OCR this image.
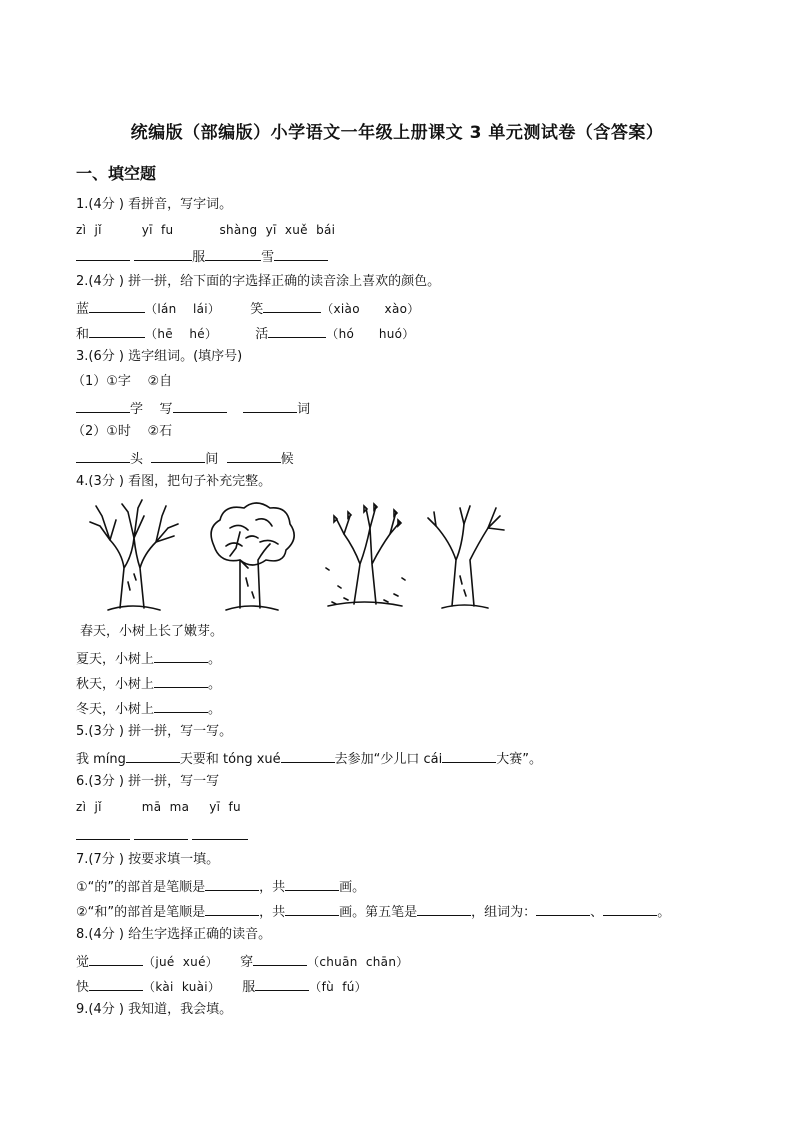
统编版（部编版）小学语文一年级上册课文 3 单元测试卷（含答案）
一、填空题
1.(4分 ) 看拼音，写字词。
zì  jǐ	yī  fu	shàng  yī  xuě  bái
服	雪
2.(4分 ) 拼一拼，给下面的字选择正确的读音涂上喜欢的颜色。
蓝	（lán    lái） 笑	（xiào      xào）
和	（hē    hé）	活	（hó      huó）
3.(6分 ) 选字组词。(填序号)
（1）①字    ②自
学 写	词
（2）①时    ②石
头	间	候
4.(3分 ) 看图，把句子补充完整。
春天，小树上长了嫩芽。
夏天，小树上	。
秋天，小树上	。
冬天，小树上	。
5.(3分 ) 拼一拼，写一写。
我 míng	天要和 tóng xué	去参加“少儿口 cái	大赛”。
6.(3分 ) 拼一拼，写一写
zì  jǐ	mā  ma yī  fu

7.(7分 ) 按要求填一填。
①“的”的部首是笔顺是	，共	画。
②“和”的部首是笔顺是	，共	画。第五笔是	，组词为：	、	。
8.(4分 ) 给生字选择正确的读音。
觉	（jué  xué） 穿	（chuān  chān）
快	（kài  kuài） 服	（fù  fú）
9.(4分 ) 我知道，我会填。
